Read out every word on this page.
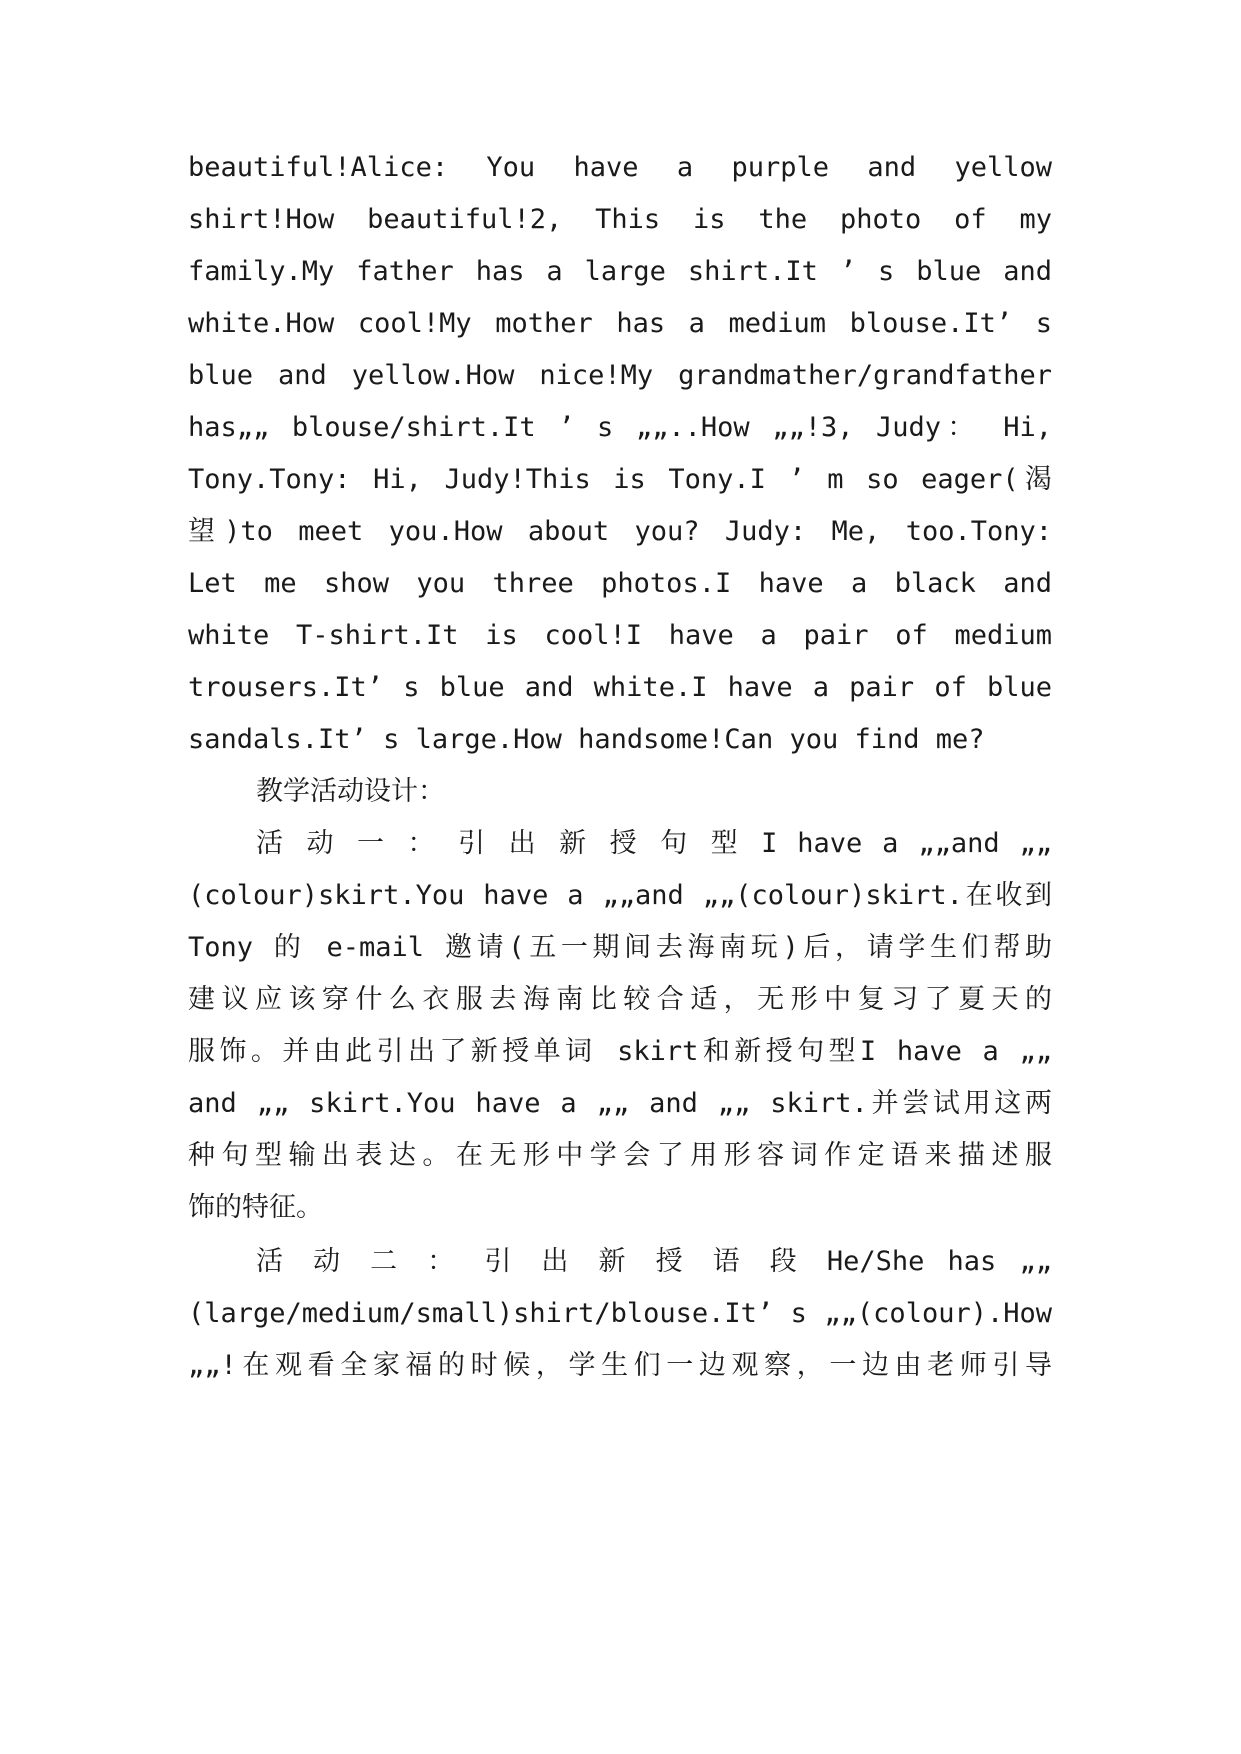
beautiful!Alice: You have a purple and yellow
shirt!How beautiful!2, This is the photo of my
family.My father has a large shirt.It ’ s blue and
white.How cool!My mother has a medium blouse.It’ s
blue and yellow.How nice!My grandmather/grandfather
has„„ blouse/shirt.It ’ s „„..How „„!3, Judy： Hi,
Tony.Tony: Hi, Judy!This is Tony.I ’ m so eager(渴
望)to meet you.How about you? Judy: Me, too.Tony:
Let me show you three photos.I have a black and
white T-shirt.It is cool!I have a pair of medium
trousers.It’ s blue and white.I have a pair of blue
sandals.It’ s large.How handsome!Can you find me?
教学活动设计：
活 动 一 ： 引 出 新 授 句 型 I have a „„and „„
(colour)skirt.You have a „„and „„(colour)skirt.在收到
Tony 的 e-mail 邀请(五一期间去海南玩)后，请学生们帮助
建议应该穿什么衣服去海南比较合适，无形中复习了夏天的
服饰。并由此引出了新授单词 skirt和新授句型I have a „„
and „„ skirt.You have a „„ and „„ skirt.并尝试用这两
种句型输出表达。在无形中学会了用形容词作定语来描述服
饰的特征。
活 动 二 ： 引 出 新 授 语 段 He/She has „„
(large/medium/small)shirt/blouse.It’ s „„(colour).How
„„!在观看全家福的时候，学生们一边观察，一边由老师引导
